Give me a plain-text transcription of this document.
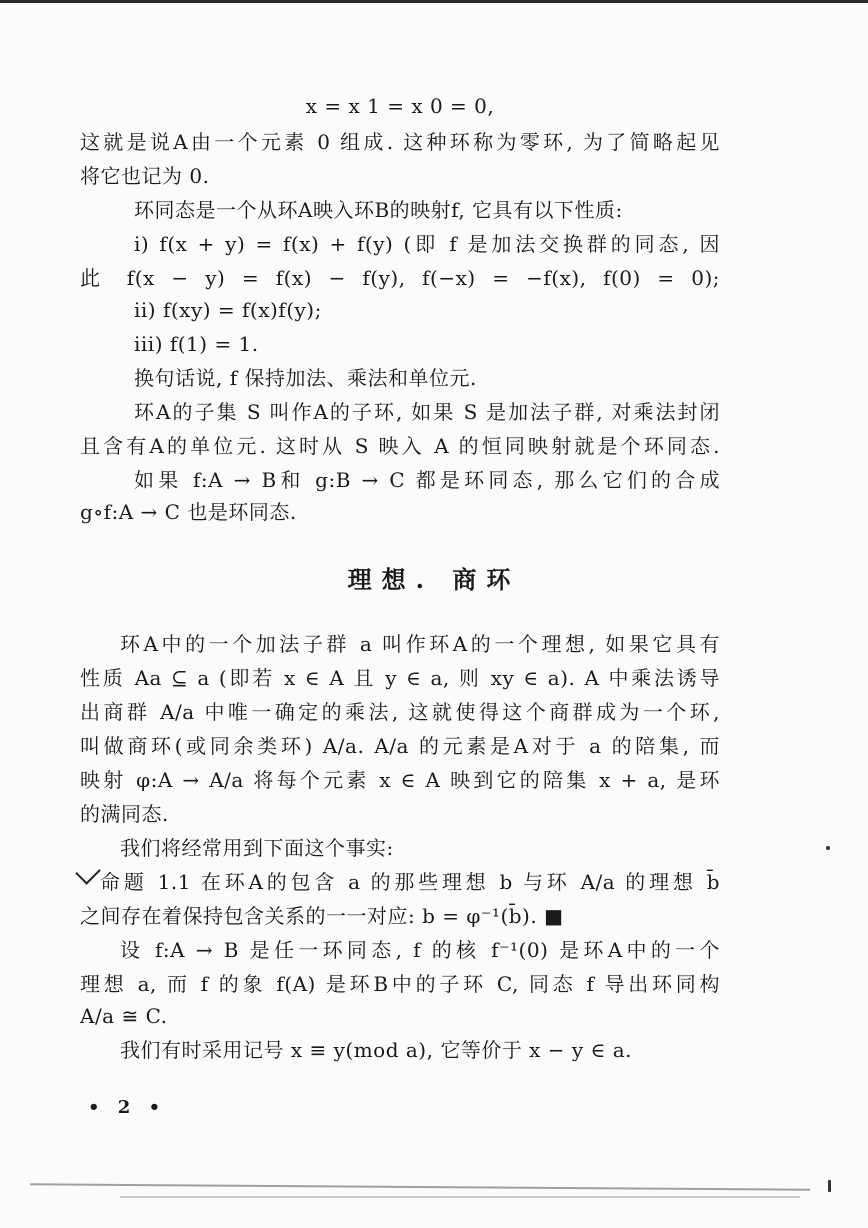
x = x 1 = x 0 = 0,
这就是说A由一个元素 0 组成. 这种环称为零环, 为了简略起见
将它也记为 0.
环同态是一个从环A映入环B的映射f, 它具有以下性质:
i) f(x + y) = f(x) + f(y) (即 f 是加法交换群的同态, 因
此 f(x − y) = f(x) − f(y), f(−x) = −f(x), f(0) = 0);
ii) f(xy) = f(x)f(y);
iii) f(1) = 1.
换句话说, f 保持加法、乘法和单位元.
环A的子集 S 叫作A的子环, 如果 S 是加法子群, 对乘法封闭
且含有A的单位元. 这时从 S 映入 A 的恒同映射就是个环同态.
如果 f:A → B和 g:B → C 都是环同态, 那么它们的合成
g∘f:A → C 也是环同态.
理想. 商环
环A中的一个加法子群 a 叫作环A的一个理想, 如果它具有
性质 Aa ⊆ a (即若 x ∈ A 且 y ∈ a, 则 xy ∈ a). A 中乘法诱导
出商群 A/a 中唯一确定的乘法, 这就使得这个商群成为一个环,
叫做商环(或同余类环) A/a. A/a 的元素是A对于 a 的陪集, 而
映射 φ:A → A/a 将每个元素 x ∈ A 映到它的陪集 x + a, 是环
的满同态.
我们将经常用到下面这个事实:
命题 1.1 在环A的包含 a 的那些理想 b 与环 A/a 的理想 b̄
之间存在着保持包含关系的一一对应: b = φ⁻¹(b̄). ■
设 f:A → B 是任一环同态, f 的核 f⁻¹(0) 是环A中的一个
理想 a, 而 f 的象 f(A) 是环B中的子环 C, 同态 f 导出环同构
A/a ≅ C.
我们有时采用记号 x ≡ y(mod a), 它等价于 x − y ∈ a.
• 2 •
